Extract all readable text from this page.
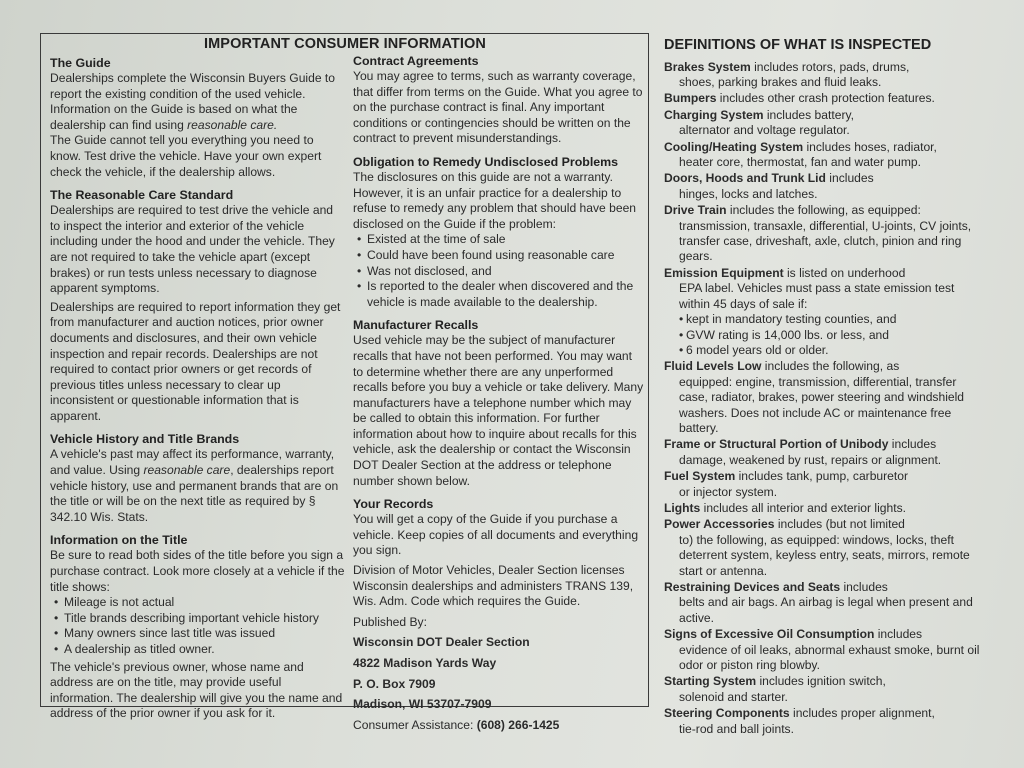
IMPORTANT CONSUMER INFORMATION
The Guide

Dealerships complete the Wisconsin Buyers Guide to report the existing condition of the used vehicle. Information on the Guide is based on what the dealership can find using reasonable care.

The Guide cannot tell you everything you need to know. Test drive the vehicle. Have your own expert check the vehicle, if the dealership allows.

The Reasonable Care Standard

Dealerships are required to test drive the vehicle and to inspect the interior and exterior of the vehicle including under the hood and under the vehicle. They are not required to take the vehicle apart (except brakes) or run tests unless necessary to diagnose apparent symptoms.

Dealerships are required to report information they get from manufacturer and auction notices, prior owner documents and disclosures, and their own vehicle inspection and repair records. Dealerships are not required to contact prior owners or get records of previous titles unless necessary to clear up inconsistent or questionable information that is apparent.

Vehicle History and Title Brands

A vehicle's past may affect its performance, warranty, and value. Using reasonable care, dealerships report vehicle history, use and permanent brands that are on the title or will be on the next title as required by § 342.10 Wis. Stats.

Information on the Title

Be sure to read both sides of the title before you sign a purchase contract. Look more closely at a vehicle if the title shows:

• Mileage is not actual
• Title brands describing important vehicle history
• Many owners since last title was issued
• A dealership as titled owner.

The vehicle's previous owner, whose name and address are on the title, may provide useful information. The dealership will give you the name and address of the prior owner if you ask for it.

Contract Agreements

You may agree to terms, such as warranty coverage, that differ from terms on the Guide. What you agree to on the purchase contract is final. Any important conditions or contingencies should be written on the contract to prevent misunderstandings.

Obligation to Remedy Undisclosed Problems

The disclosures on this guide are not a warranty. However, it is an unfair practice for a dealership to refuse to remedy any problem that should have been disclosed on the Guide if the problem:

• Existed at the time of sale
• Could have been found using reasonable care
• Was not disclosed, and
• Is reported to the dealer when discovered and the vehicle is made available to the dealership.
Manufacturer Recalls

Used vehicle may be the subject of manufacturer recalls that have not been performed. You may want to determine whether there are any unperformed recalls before you buy a vehicle or take delivery. Many manufacturers have a telephone number which may be called to obtain this information. For further information about how to inquire about recalls for this vehicle, ask the dealership or contact the Wisconsin DOT Dealer Section at the address or telephone number shown below.

Your Records

You will get a copy of the Guide if you purchase a vehicle. Keep copies of all documents and everything you sign.

Division of Motor Vehicles, Dealer Section licenses Wisconsin dealerships and administers TRANS 139, Wis. Adm. Code which requires the Guide.

Published By:

Wisconsin DOT Dealer Section

4822 Madison Yards Way

P. O. Box 7909

Madison, WI 53707-7909

Consumer Assistance: (608) 266-1425

DEFINITIONS OF WHAT IS INSPECTED
Brakes System includes rotors, pads, drums,
shoes, parking brakes and fluid leaks.
Bumpers includes other crash protection features.
Charging System includes battery,
alternator and voltage regulator.
Cooling/Heating System includes hoses, radiator,
heater core, thermostat, fan and water pump.
Doors, Hoods and Trunk Lid includes
hinges, locks and latches.
Drive Train includes the following, as equipped:
transmission, transaxle, differential, U-joints, CV joints, transfer case, driveshaft, axle, clutch, pinion and ring gears.
Emission Equipment is listed on underhood
EPA label. Vehicles must pass a state emission test within 45 days of sale if:
• kept in mandatory testing counties, and
• GVW rating is 14,000 lbs. or less, and
• 6 model years old or older.
Fluid Levels Low includes the following, as
equipped: engine, transmission, differential, transfer case, radiator, brakes, power steering and windshield washers. Does not include AC or maintenance free battery.
Frame or Structural Portion of Unibody includes
damage, weakened by rust, repairs or alignment.
Fuel System includes tank, pump, carburetor
or injector system.
Lights includes all interior and exterior lights.
Power Accessories includes (but not limited
to) the following, as equipped: windows, locks, theft deterrent system, keyless entry, seats, mirrors, remote start or antenna.
Restraining Devices and Seats includes
belts and air bags. An airbag is legal when present and active.
Signs of Excessive Oil Consumption includes
evidence of oil leaks, abnormal exhaust smoke, burnt oil odor or piston ring blowby.
Starting System includes ignition switch,
solenoid and starter.
Steering Components includes proper alignment,
tie-rod and ball joints.
